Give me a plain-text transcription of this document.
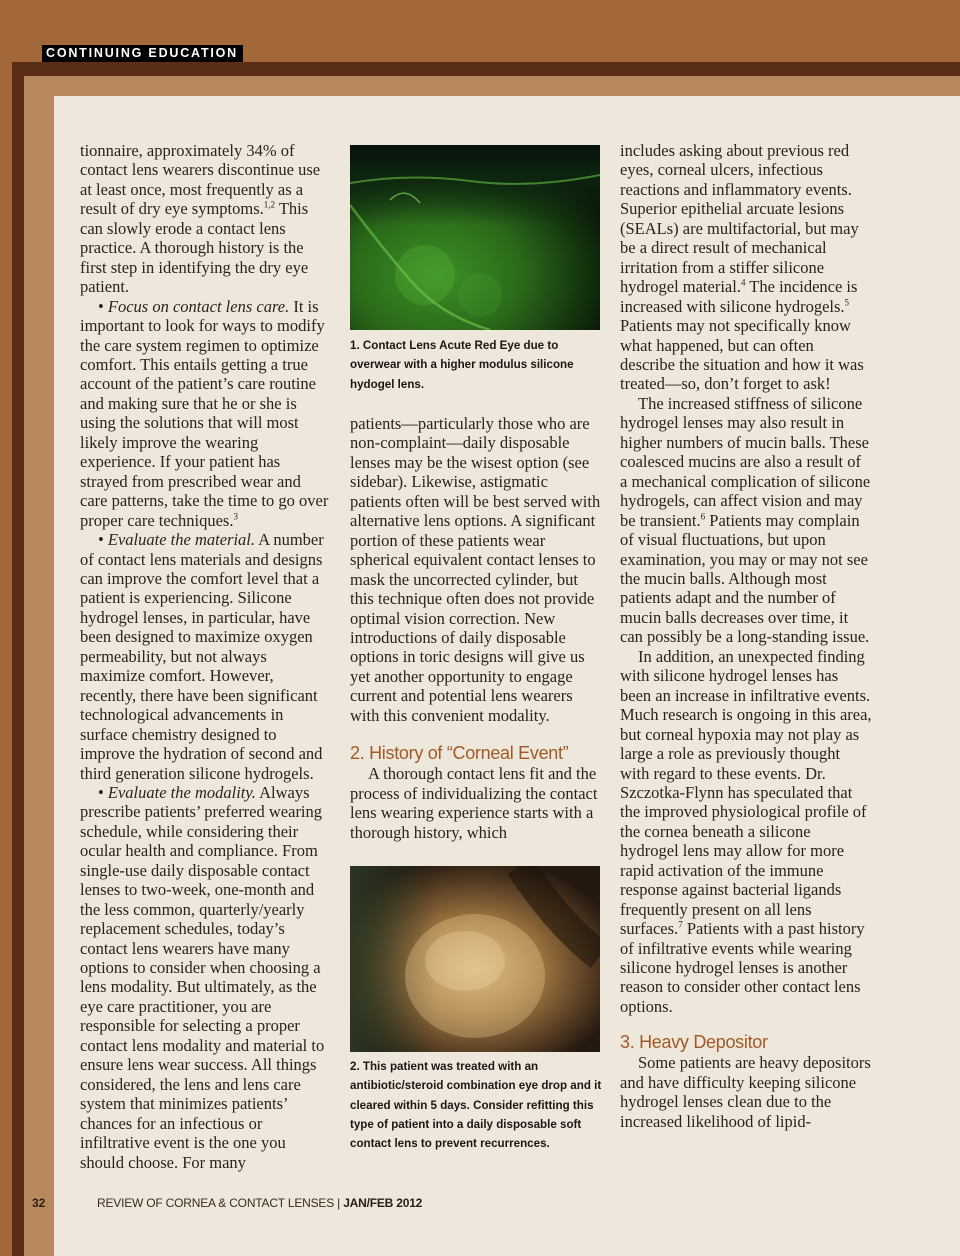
CONTINUING EDUCATION

tionnaire, approximately 34% of contact lens wearers discontinue use at least once, most frequently as a result of dry eye symptoms.$^{1,2}$ This can slowly erode a contact lens practice. A thorough history is the first step in identifying the dry eye patient.

• Focus on contact lens care. It is important to look for ways to modify the care system regimen to optimize comfort. This entails getting a true account of the patient’s care routine and making sure that he or she is using the solutions that will most likely improve the wearing experience. If your patient has strayed from prescribed wear and care patterns, take the time to go over proper care techniques.$^3$

• Evaluate the material. A number of contact lens materials and designs can improve the comfort level that a patient is experiencing. Silicone hydrogel lenses, in particular, have been designed to maximize oxygen permeability, but not always maximize comfort. However, recently, there have been significant technological advancements in surface chemistry designed to improve the hydration of second and third generation silicone hydrogels.

• Evaluate the modality. Always prescribe patients’ preferred wearing schedule, while considering their ocular health and compliance. From single-use daily disposable contact lenses to two-week, one-month and the less common, quarterly/yearly replacement schedules, today’s contact lens wearers have many options to consider when choosing a lens modality. But ultimately, as the eye care practitioner, you are responsible for selecting a proper contact lens modality and material to ensure lens wear success. All things considered, the lens and lens care system that minimizes patients’ chances for an infectious or infiltrative event is the one you should choose. For many

1. Contact Lens Acute Red Eye due to overwear with a higher modulus silicone hydogel lens.

patients—particularly those who are non-complaint—daily disposable lenses may be the wisest option (see sidebar). Likewise, astigmatic patients often will be best served with alternative lens options. A significant portion of these patients wear spherical equivalent contact lenses to mask the uncorrected cylinder, but this technique often does not provide optimal vision correction. New introductions of daily disposable options in toric designs will give us yet another opportunity to engage current and potential lens wearers with this convenient modality.

2. History of “Corneal Event”

A thorough contact lens fit and the process of individualizing the contact lens wearing experience starts with a thorough history, which

2. This patient was treated with an antibiotic/steroid combination eye drop and it cleared within 5 days. Consider refitting this type of patient into a daily disposable soft contact lens to prevent recurrences.

includes asking about previous red eyes, corneal ulcers, infectious reactions and inflammatory events. Superior epithelial arcuate lesions (SEALs) are multifactorial, but may be a direct result of mechanical irritation from a stiffer silicone hydrogel material.$^4$ The incidence is increased with silicone hydrogels.$^5$ Patients may not specifically know what happened, but can often describe the situation and how it was treated—so, don’t forget to ask!

The increased stiffness of silicone hydrogel lenses may also result in higher numbers of mucin balls. These coalesced mucins are also a result of a mechanical complication of silicone hydrogels, can affect vision and may be transient.$^6$ Patients may complain of visual fluctuations, but upon examination, you may or may not see the mucin balls. Although most patients adapt and the number of mucin balls decreases over time, it can possibly be a long-standing issue.

In addition, an unexpected finding with silicone hydrogel lenses has been an increase in infiltrative events. Much research is ongoing in this area, but corneal hypoxia may not play as large a role as previously thought with regard to these events. Dr. Szczotka-Flynn has speculated that the improved physiological profile of the cornea beneath a silicone hydrogel lens may allow for more rapid activation of the immune response against bacterial ligands frequently present on all lens surfaces.$^7$ Patients with a past history of infiltrative events while wearing silicone hydrogel lenses is another reason to consider other contact lens options.

3. Heavy Depositor

Some patients are heavy depositors and have difficulty keeping silicone hydrogel lenses clean due to the increased likelihood of lipid-

32	REVIEW OF CORNEA & CONTACT LENSES | JAN/FEB 2012
